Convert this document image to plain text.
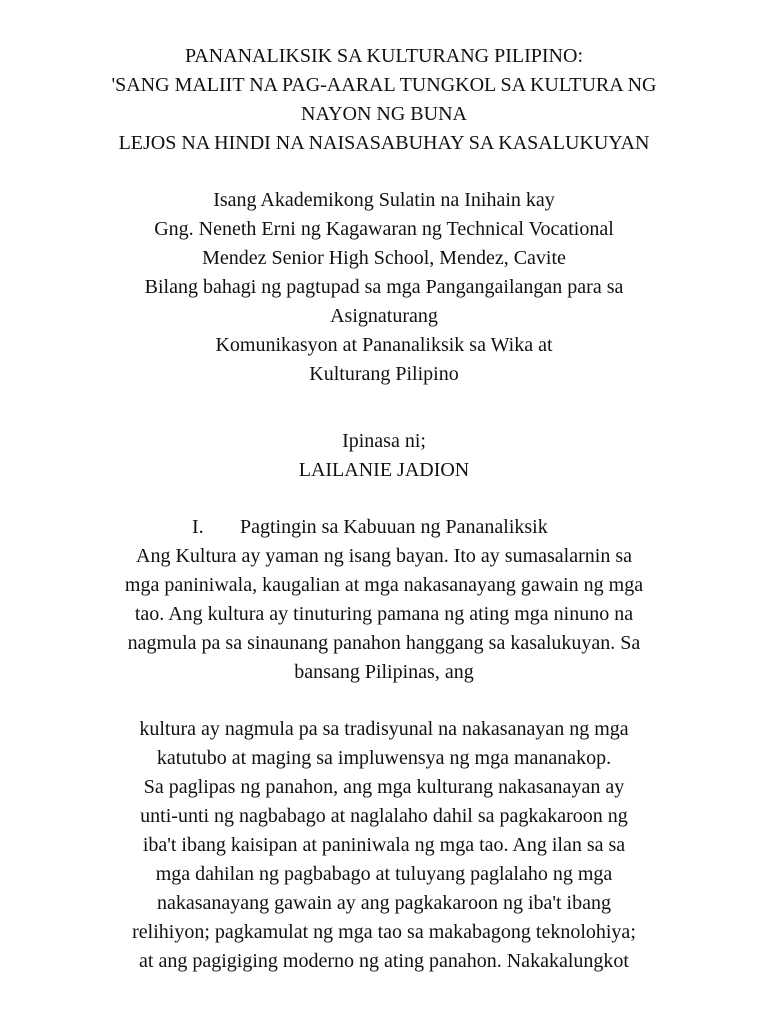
PANANALIKSIK SA KULTURANG PILIPINO:
'SANG MALIIT NA PAG-AARAL TUNGKOL SA KULTURA NG
NAYON NG BUNA
LEJOS NA HINDI NA NAISASABUHAY SA KASALUKUYAN
Isang Akademikong Sulatin na Inihain kay
Gng. Neneth Erni ng Kagawaran ng Technical Vocational
Mendez Senior High School, Mendez, Cavite
Bilang bahagi ng pagtupad sa mga Pangangailangan para sa
Asignaturang
Komunikasyon at Pananaliksik sa Wika at
Kulturang Pilipino
Ipinasa ni;
LAILANIE JADION
I. Pagtingin sa Kabuuan ng Pananaliksik
Ang Kultura ay yaman ng isang bayan. Ito ay sumasalarnin sa
mga paniniwala, kaugalian at mga nakasanayang gawain ng mga
tao. Ang kultura ay tinuturing pamana ng ating mga ninuno na
nagmula pa sa sinaunang panahon hanggang sa kasalukuyan. Sa
bansang Pilipinas, ang
kultura ay nagmula pa sa tradisyunal na nakasanayan ng mga
katutubo at maging sa impluwensya ng mga mananakop.
Sa paglipas ng panahon, ang mga kulturang nakasanayan ay
unti-unti ng nagbabago at naglalaho dahil sa pagkakaroon ng
iba't ibang kaisipan at paniniwala ng mga tao. Ang ilan sa sa
mga dahilan ng pagbabago at tuluyang paglalaho ng mga
nakasanayang gawain ay ang pagkakaroon ng iba't ibang
relihiyon; pagkamulat ng mga tao sa makabagong teknolohiya;
at ang pagigiging moderno ng ating panahon. Nakakalungkot
